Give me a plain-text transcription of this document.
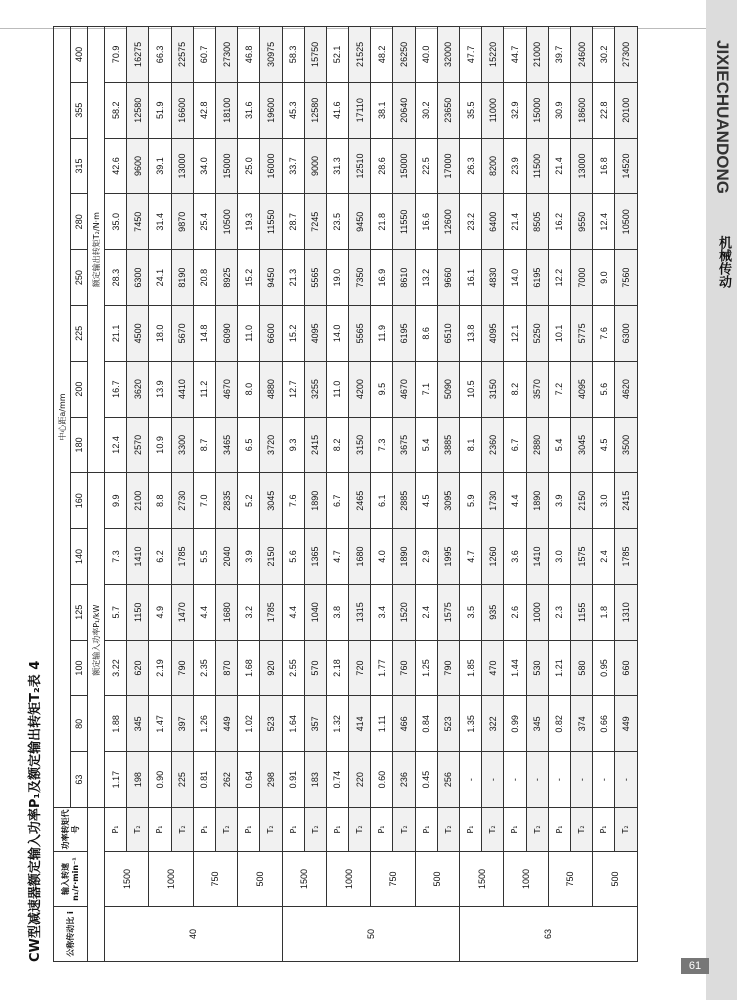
JIXIECHUANDONG
机械传动
61
CW型减速器额定输入功率P₁及额定输出转矩T₂表 4	公称传动比 i	输入转速 n₁/r·min⁻¹	功率转矩代号	中心距a/mm													
			63	80	100	125	140	160	180	200	225	250	280	315	355	400
			额定输入功率P₁/kW						额定输出转矩T₂/N·m							
40	1500	P₁	1.17	1.88	3.22	5.7	7.3	9.9	12.4	16.7	21.1	28.3	35.0	42.6	58.2	70.9
		T₂	198	345	620	1150	1410	2100	2570	3620	4500	6300	7450	9600	12580	16275
	1000	P₁	0.90	1.47	2.19	4.9	6.2	8.8	10.9	13.9	18.0	24.1	31.4	39.1	51.9	66.3
		T₂	225	397	790	1470	1785	2730	3300	4410	5670	8190	9870	13000	16600	22575
	750	P₁	0.81	1.26	2.35	4.4	5.5	7.0	8.7	11.2	14.8	20.8	25.4	34.0	42.8	60.7
		T₂	262	449	870	1680	2040	2835	3465	4670	6090	8925	10500	15000	18100	27300
	500	P₁	0.64	1.02	1.68	3.2	3.9	5.2	6.5	8.0	11.0	15.2	19.3	25.0	31.6	46.8
		T₂	298	523	920	1785	2150	3045	3720	4880	6600	9450	11550	16000	19600	30975
50	1500	P₁	0.91	1.64	2.55	4.4	5.6	7.6	9.3	12.7	15.2	21.3	28.7	33.7	45.3	58.3
		T₂	183	357	570	1040	1365	1890	2415	3255	4095	5565	7245	9000	12580	15750
	1000	P₁	0.74	1.32	2.18	3.8	4.7	6.7	8.2	11.0	14.0	19.0	23.5	31.3	41.6	52.1
		T₂	220	414	720	1315	1680	2465	3150	4200	5565	7350	9450	12510	17110	21525
	750	P₁	0.60	1.11	1.77	3.4	4.0	6.1	7.3	9.5	11.9	16.9	21.8	28.6	38.1	48.2
		T₂	236	466	760	1520	1890	2885	3675	4670	6195	8610	11550	15000	20640	26250
	500	P₁	0.45	0.84	1.25	2.4	2.9	4.5	5.4	7.1	8.6	13.2	16.6	22.5	30.2	40.0
		T₂	256	523	790	1575	1995	3095	3885	5090	6510	9660	12600	17000	23650	32000
63	1500	P₁	-	1.35	1.85	3.5	4.7	5.9	8.1	10.5	13.8	16.1	23.2	26.3	35.5	47.7
		T₂	-	322	470	935	1260	1730	2360	3150	4095	4830	6400	8200	11000	15220
	1000	P₁	-	0.99	1.44	2.6	3.6	4.4	6.7	8.2	12.1	14.0	21.4	23.9	32.9	44.7
		T₂	-	345	530	1000	1410	1890	2880	3570	5250	6195	8505	11500	15000	21000
	750	P₁	-	0.82	1.21	2.3	3.0	3.9	5.4	7.2	10.1	12.2	16.2	21.4	30.9	39.7
		T₂	-	374	580	1155	1575	2150	3045	4095	5775	7000	9550	13000	18600	24600
	500	P₁	-	0.66	0.95	1.8	2.4	3.0	4.5	5.6	7.6	9.0	12.4	16.8	22.8	30.2
		T₂	-	449	660	1310	1785	2415	3500	4620	6300	7560	10500	14520	20100	27300
